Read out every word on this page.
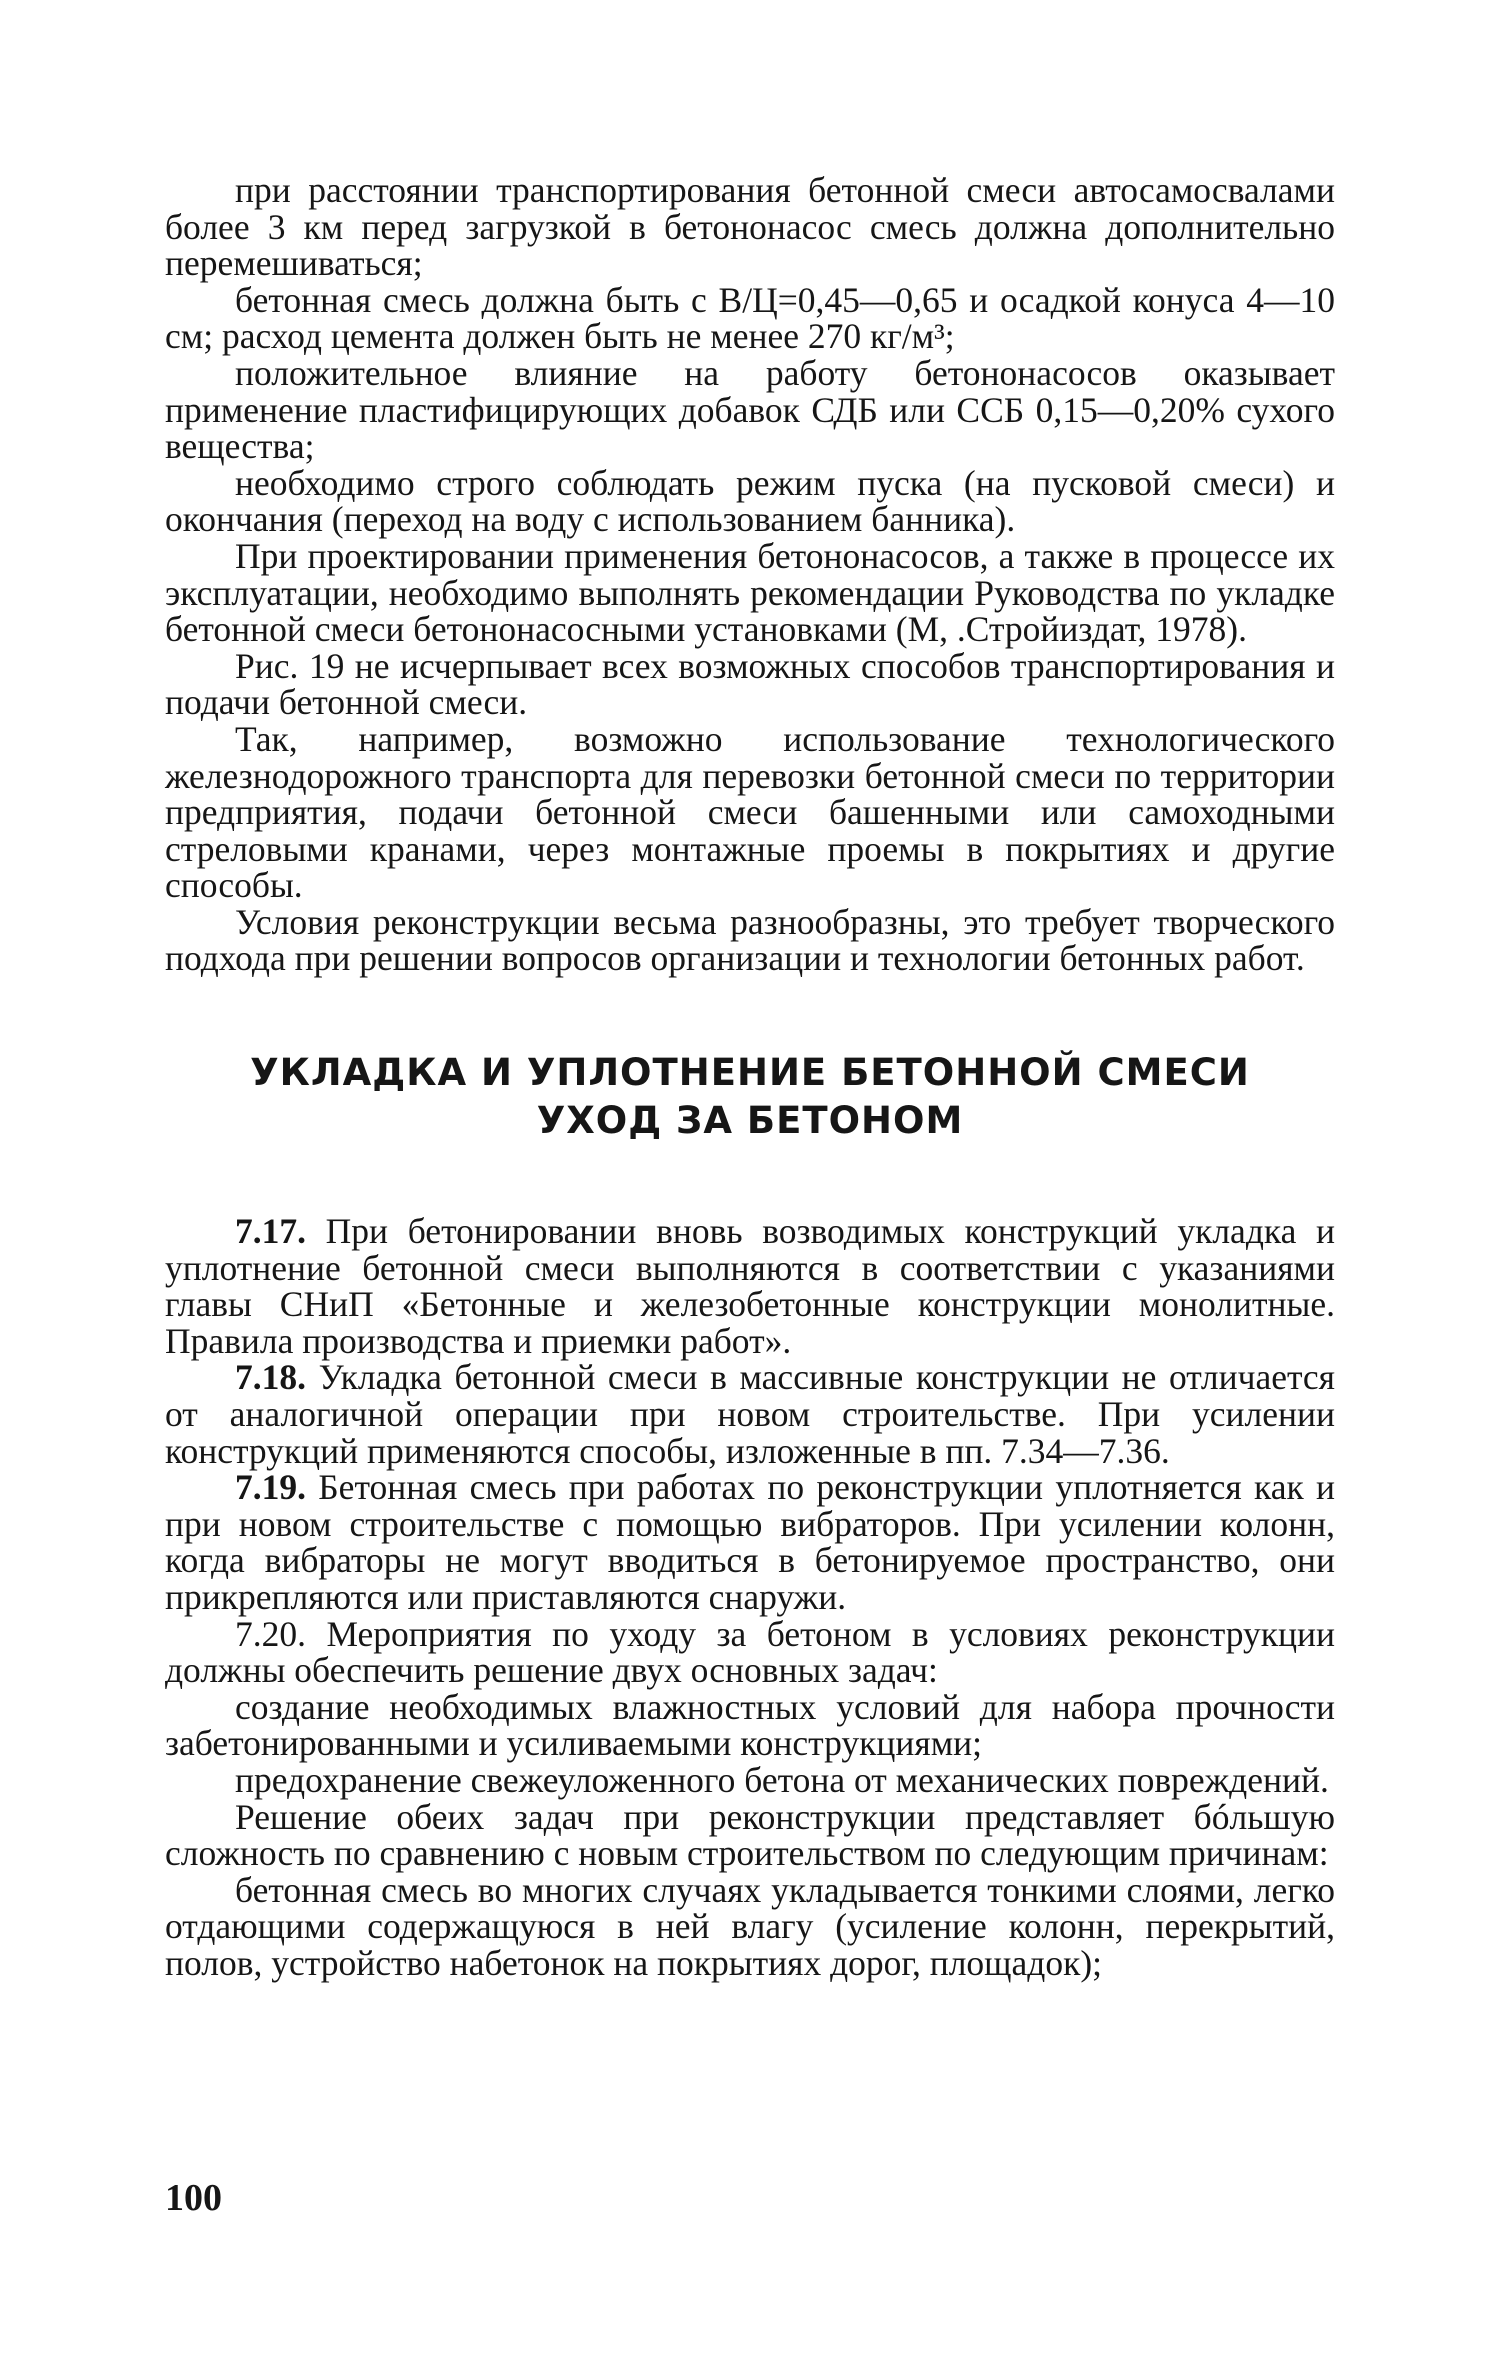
при расстоянии транспортирования бетонной смеси автосамосвалами более 3 км перед загрузкой в бетононасос смесь должна дополнительно перемешиваться;

бетонная смесь должна быть с В/Ц=0,45—0,65 и осадкой конуса 4—10 см; расход цемента должен быть не менее 270 кг/м³;

положительное влияние на работу бетононасосов оказывает применение пластифицирующих добавок СДБ или ССБ 0,15—0,20% сухого вещества;

необходимо строго соблюдать режим пуска (на пусковой смеси) и окончания (переход на воду с использованием банника).

При проектировании применения бетононасосов, а также в процессе их эксплуатации, необходимо выполнять рекомендации Руководства по укладке бетонной смеси бетононасосными установками (М, .Стройиздат, 1978).

Рис. 19 не исчерпывает всех возможных способов транспортирования и подачи бетонной смеси.

Так, например, возможно использование технологического железнодорожного транспорта для перевозки бетонной смеси по территории предприятия, подачи бетонной смеси башенными или самоходными стреловыми кранами, через монтажные проемы в покрытиях и другие способы.

Условия реконструкции весьма разнообразны, это требует творческого подхода при решении вопросов организации и технологии бетонных работ.

УКЛАДКА И УПЛОТНЕНИЕ БЕТОННОЙ СМЕСИ

УХОД ЗА БЕТОНОМ

7.17. При бетонировании вновь возводимых конструкций укладка и уплотнение бетонной смеси выполняются в соответствии с указаниями главы СНиП «Бетонные и железобетонные конструкции монолитные. Правила производства и приемки работ».

7.18. Укладка бетонной смеси в массивные конструкции не отличается от аналогичной операции при новом строительстве. При усилении конструкций применяются способы, изложенные в пп. 7.34—7.36.

7.19. Бетонная смесь при работах по реконструкции уплотняется как и при новом строительстве с помощью вибраторов. При усилении колонн, когда вибраторы не могут вводиться в бетонируемое пространство, они прикрепляются или приставляются снаружи.

7.20. Мероприятия по уходу за бетоном в условиях реконструкции должны обеспечить решение двух основных задач:

создание необходимых влажностных условий для набора прочности забетонированными и усиливаемыми конструкциями;

предохранение свежеуложенного бетона от механических повреждений.

Решение обеих задач при реконструкции представляет бóльшую сложность по сравнению с новым строительством по следующим причинам:

бетонная смесь во многих случаях укладывается тонкими слоями, легко отдающими содержащуюся в ней влагу (усиление колонн, перекрытий, полов, устройство набетонок на покрытиях дорог, площадок);

100
